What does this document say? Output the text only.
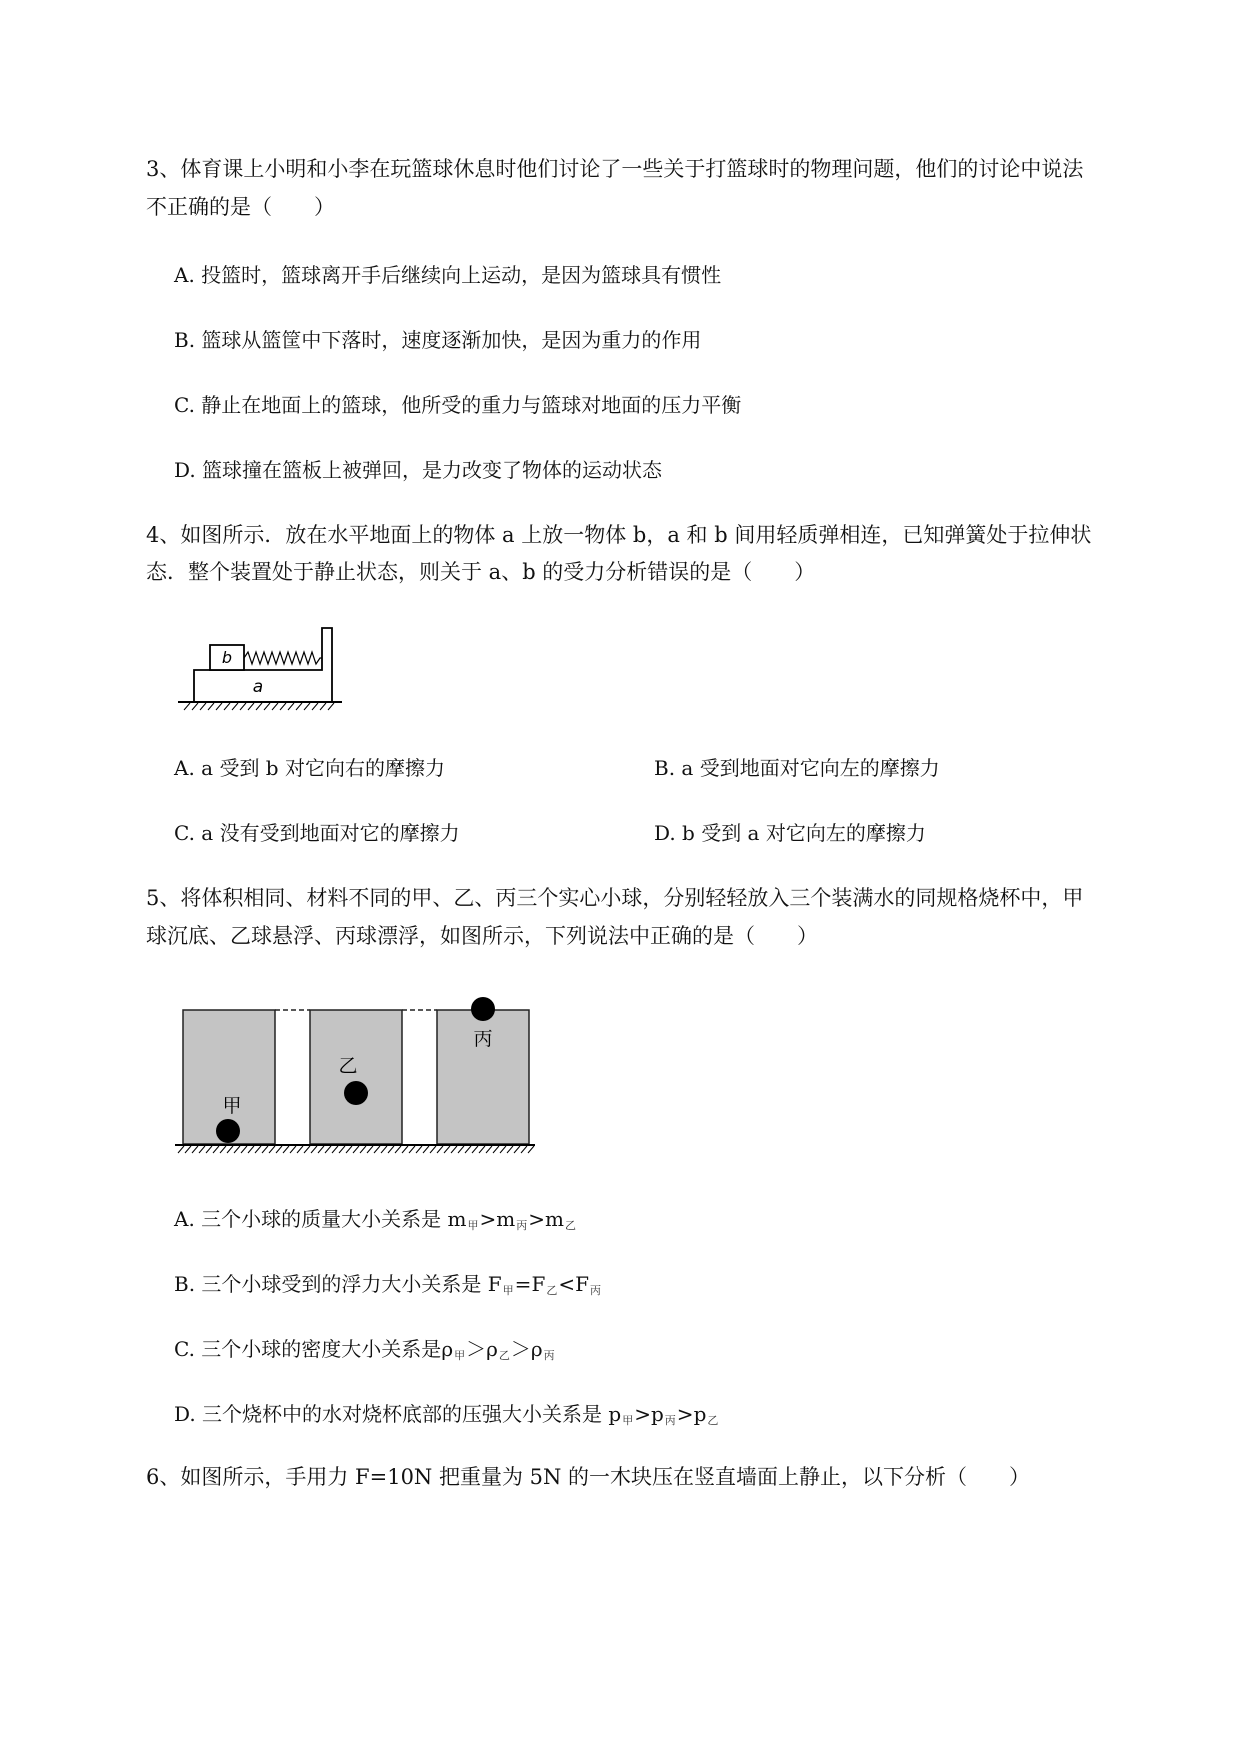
3、体育课上小明和小李在玩篮球休息时他们讨论了一些关于打篮球时的物理问题，他们的讨论中说法
不正确的是（　　）
A. 投篮时，篮球离开手后继续向上运动，是因为篮球具有惯性
B. 篮球从篮筐中下落时，速度逐渐加快，是因为重力的作用
C. 静止在地面上的篮球，他所受的重力与篮球对地面的压力平衡
D. 篮球撞在篮板上被弹回，是力改变了物体的运动状态
4、如图所示．放在水平地面上的物体 a 上放一物体 b，a 和 b 间用轻质弹相连，已知弹簧处于拉伸状
态．整个装置处于静止状态，则关于 a、b 的受力分析错误的是（　　）
b
a
A. a 受到 b 对它向右的摩擦力	B. a 受到地面对它向左的摩擦力
C. a 没有受到地面对它的摩擦力	D. b 受到 a 对它向左的摩擦力
5、将体积相同、材料不同的甲、乙、丙三个实心小球，分别轻轻放入三个装满水的同规格烧杯中，甲
球沉底、乙球悬浮、丙球漂浮，如图所示，下列说法中正确的是（　　）
甲
乙
丙
A. 三个小球的质量大小关系是 $m_甲>m_丙>m_乙$
B. 三个小球受到的浮力大小关系是 $F_甲=F_乙<F_丙$
C. 三个小球的密度大小关系是$\rho_甲>\rho_乙>\rho_丙$
D. 三个烧杯中的水对烧杯底部的压强大小关系是 $p_甲>p_丙>p_乙$
6、如图所示，手用力 F=10N 把重量为 5N 的一木块压在竖直墙面上静止，以下分析（　　）
